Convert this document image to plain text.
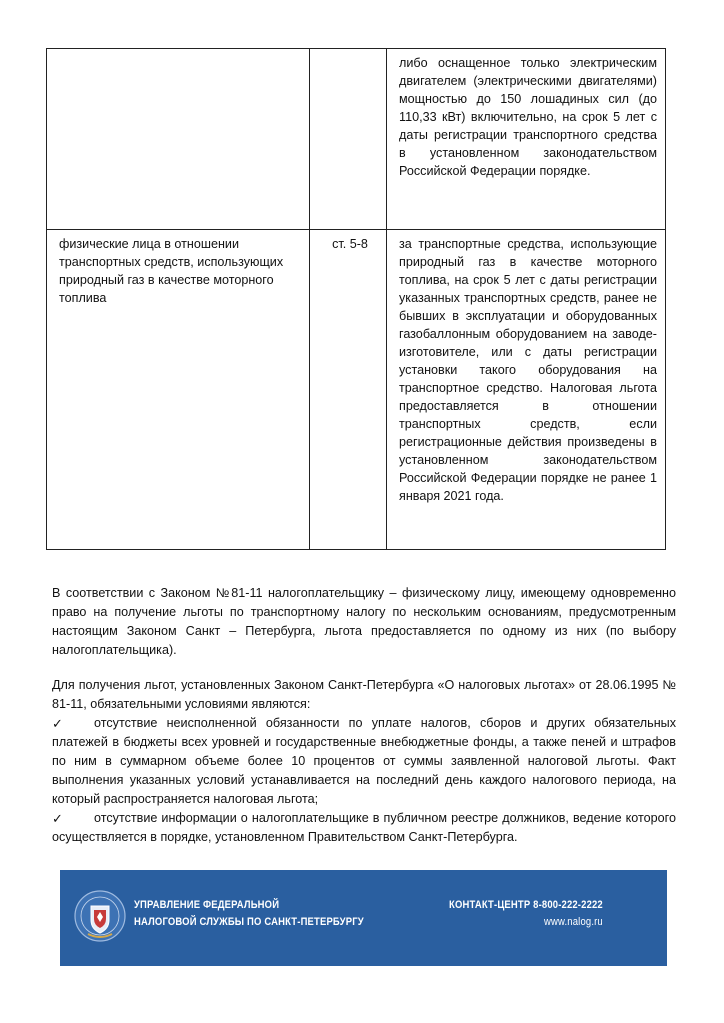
		либо оснащенное только электрическим двигателем (электрическими двигателями) мощностью до 150 лошадиных сил (до 110,33 кВт) включительно, на срок 5 лет с даты регистрации транспортного средства в установленном законодательством Российской Федерации порядке.
физические лица в отношении транспортных средств, использующих природный газ в качестве моторного топлива	ст. 5-8	за транспортные средства, использующие природный газ в качестве моторного топлива, на срок 5 лет с даты регистрации указанных транспортных средств, ранее не бывших в эксплуатации и оборудованных газобаллонным оборудованием на заводе-изготовителе, или с даты регистрации установки такого оборудования на транспортное средство. Налоговая льгота предоставляется в отношении транспортных средств, если регистрационные действия произведены в установленном законодательством Российской Федерации порядке не ранее 1 января 2021 года.
В соответствии с Законом №81-11 налогоплательщику – физическому лицу, имеющему одновременно право на получение льготы по транспортному налогу по нескольким основаниям, предусмотренным настоящим Законом Санкт – Петербурга, льгота предоставляется по одному из них (по выбору налогоплательщика).
Для получения льгот, установленных Законом Санкт-Петербурга «О налоговых льготах» от 28.06.1995 № 81-11, обязательными условиями являются:
✓ отсутствие неисполненной обязанности по уплате налогов, сборов и других обязательных платежей в бюджеты всех уровней и государственные внебюджетные фонды, а также пеней и штрафов по ним в суммарном объеме более 10 процентов от суммы заявленной налоговой льготы. Факт выполнения указанных условий устанавливается на последний день каждого налогового периода, на который распространяется налоговая льгота;
✓ отсутствие информации о налогоплательщике в публичном реестре должников, ведение которого осуществляется в порядке, установленном Правительством Санкт-Петербурга.
УПРАВЛЕНИЕ ФЕДЕРАЛЬНОЙ
НАЛОГОВОЙ СЛУЖБЫ ПО САНКТ-ПЕТЕРБУРГУ
КОНТАКТ-ЦЕНТР 8-800-222-2222
www.nalog.ru
